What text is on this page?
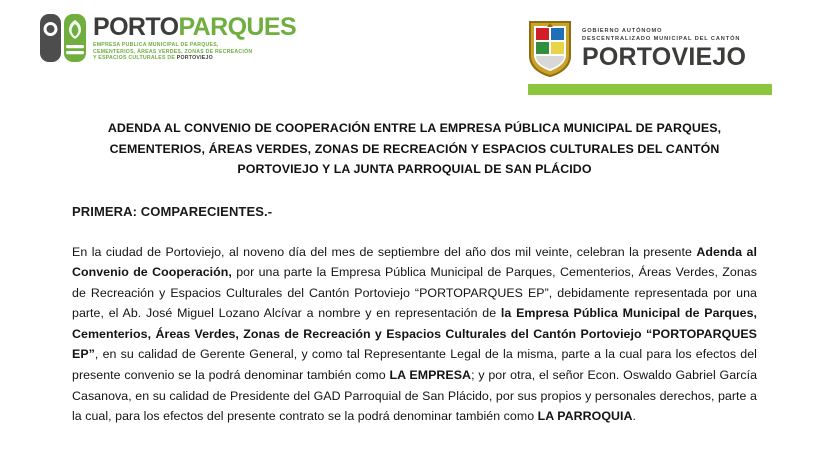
PORTOPARQUES
EMPRESA PUBLICA MUNICIPAL DE PARQUES,
CEMENTERIOS, ÁREAS VERDES, ZONAS DE RECREACIÓN
Y ESPACIOS CULTURALES DE PORTOVIEJO
GOBIERNO AUTÓNOMO
DESCENTRALIZADO MUNICIPAL DEL CANTÓN
PORTOVIEJO
ADENDA AL CONVENIO DE COOPERACIÓN ENTRE LA EMPRESA PÚBLICA MUNICIPAL DE PARQUES,
CEMENTERIOS, ÁREAS VERDES, ZONAS DE RECREACIÓN Y ESPACIOS CULTURALES DEL CANTÓN
PORTOVIEJO Y LA JUNTA PARROQUIAL DE SAN PLÁCIDO
PRIMERA: COMPARECIENTES.-

En la ciudad de Portoviejo, al noveno día del mes de septiembre del año dos mil veinte, celebran la presente Adenda al Convenio de Cooperación, por una parte la Empresa Pública Municipal de Parques, Cementerios, Áreas Verdes, Zonas de Recreación y Espacios Culturales del Cantón Portoviejo “PORTOPARQUES EP”, debidamente representada por una parte, el Ab. José Miguel Lozano Alcívar a nombre y en representación de la Empresa Pública Municipal de Parques, Cementerios, Áreas Verdes, Zonas de Recreación y Espacios Culturales del Cantón Portoviejo “PORTOPARQUES EP”, en su calidad de Gerente General, y como tal Representante Legal de la misma, parte a la cual para los efectos del presente convenio se la podrá denominar también como LA EMPRESA; y por otra, el señor Econ. Oswaldo Gabriel García Casanova, en su calidad de Presidente del GAD Parroquial de San Plácido, por sus propios y personales derechos, parte a la cual, para los efectos del presente contrato se la podrá denominar también como LA PARROQUIA.
